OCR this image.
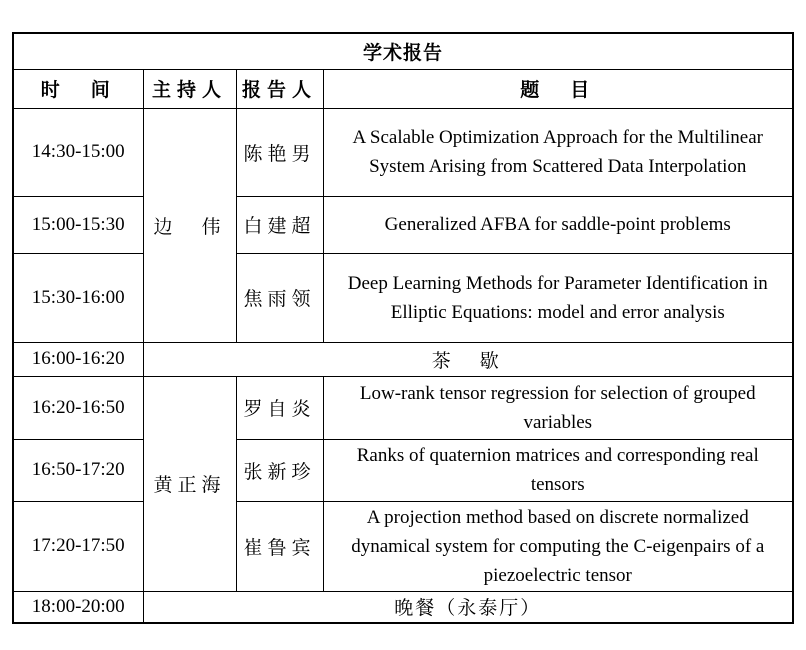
学术报告			
时　间	主持人	报告人	题　目
14:30-15:00	边　伟	陈艳男	A Scalable Optimization Approach for the Multilinear System Arising from Scattered Data Interpolation
15:00-15:30		白建超	Generalized AFBA for saddle-point problems
15:30-16:00		焦雨领	Deep Learning Methods for Parameter Identification in Elliptic Equations: model and error analysis
16:00-16:20	茶　歇		
16:20-16:50	黄正海	罗自炎	Low-rank tensor regression for selection of grouped variables
16:50-17:20		张新珍	Ranks of quaternion matrices and corresponding real tensors
17:20-17:50		崔鲁宾	A projection method based on discrete normalized dynamical system for computing the C-eigenpairs of a piezoelectric tensor
18:00-20:00	晚餐（永泰厅）		
